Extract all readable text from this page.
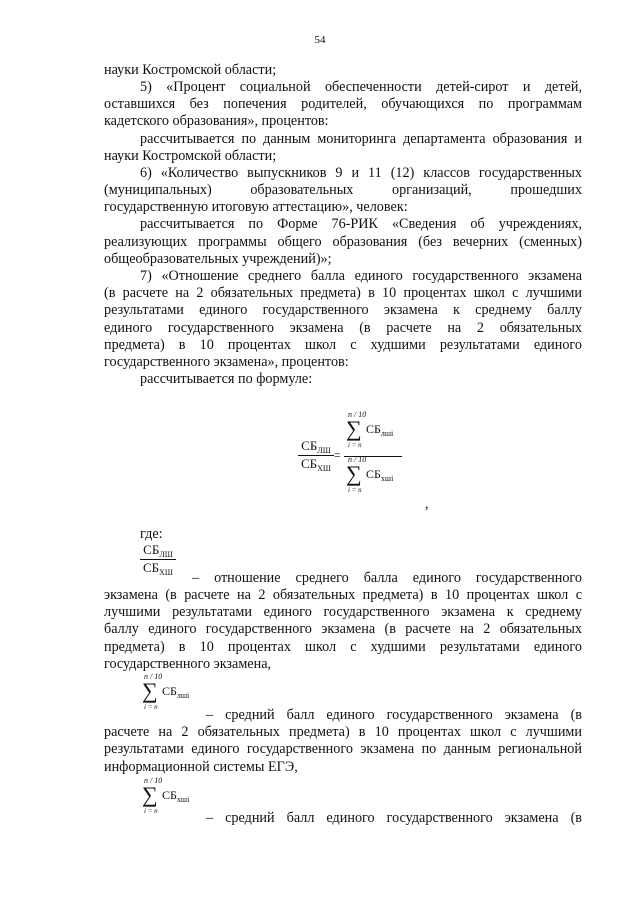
54
науки Костромской области;
5) «Процент социальной обеспеченности детей-сирот и детей,
оставшихся без попечения родителей, обучающихся по программам
кадетского образования», процентов:
рассчитывается по данным мониторинга департамента образования и
науки Костромской области;
6) «Количество выпускников 9 и 11 (12) классов государственных
(муниципальных) образовательных организаций, прошедших
государственную итоговую аттестацию», человек:
рассчитывается по Форме 76-РИК «Сведения об учреждениях,
реализующих программы общего образования (без вечерних (сменных)
общеобразовательных учреждений)»;
7) «Отношение среднего балла единого государственного экзамена
(в расчете на 2 обязательных предмета) в 10 процентах школ с лучшими
результатами единого государственного экзамена к среднему баллу
единого государственного экзамена (в расчете на 2 обязательных
предмета) в 10 процентах школ с худшими результатами единого
государственного экзамена», процентов:
рассчитывается по формуле:
$СБ_{ЛШ}$
$СБ_{ХШ}$
=
n / 10
∑ $СБ_{лшi}$
i = n
n / 10
∑ $СБ_{хшi}$
i = n
,
где:
$СБ_{ЛШ}$
$СБ_{ХШ}$ – отношение среднего балла единого государственного
экзамена (в расчете на 2 обязательных предмета) в 10 процентах школ с
лучшими результатами единого государственного экзамена к среднему
баллу единого государственного экзамена (в расчете на 2 обязательных
предмета) в 10 процентах школ с худшими результатами единого
государственного экзамена,
n / 10
∑ $СБ_{лшi}$
i = n	– средний балл единого государственного экзамена (в
расчете на 2 обязательных предмета) в 10 процентах школ с лучшими
результатами единого государственного экзамена по данным региональной
информационной системы ЕГЭ,
n / 10
∑ $СБ_{хшi}$
i = n	– средний балл единого государственного экзамена (в
